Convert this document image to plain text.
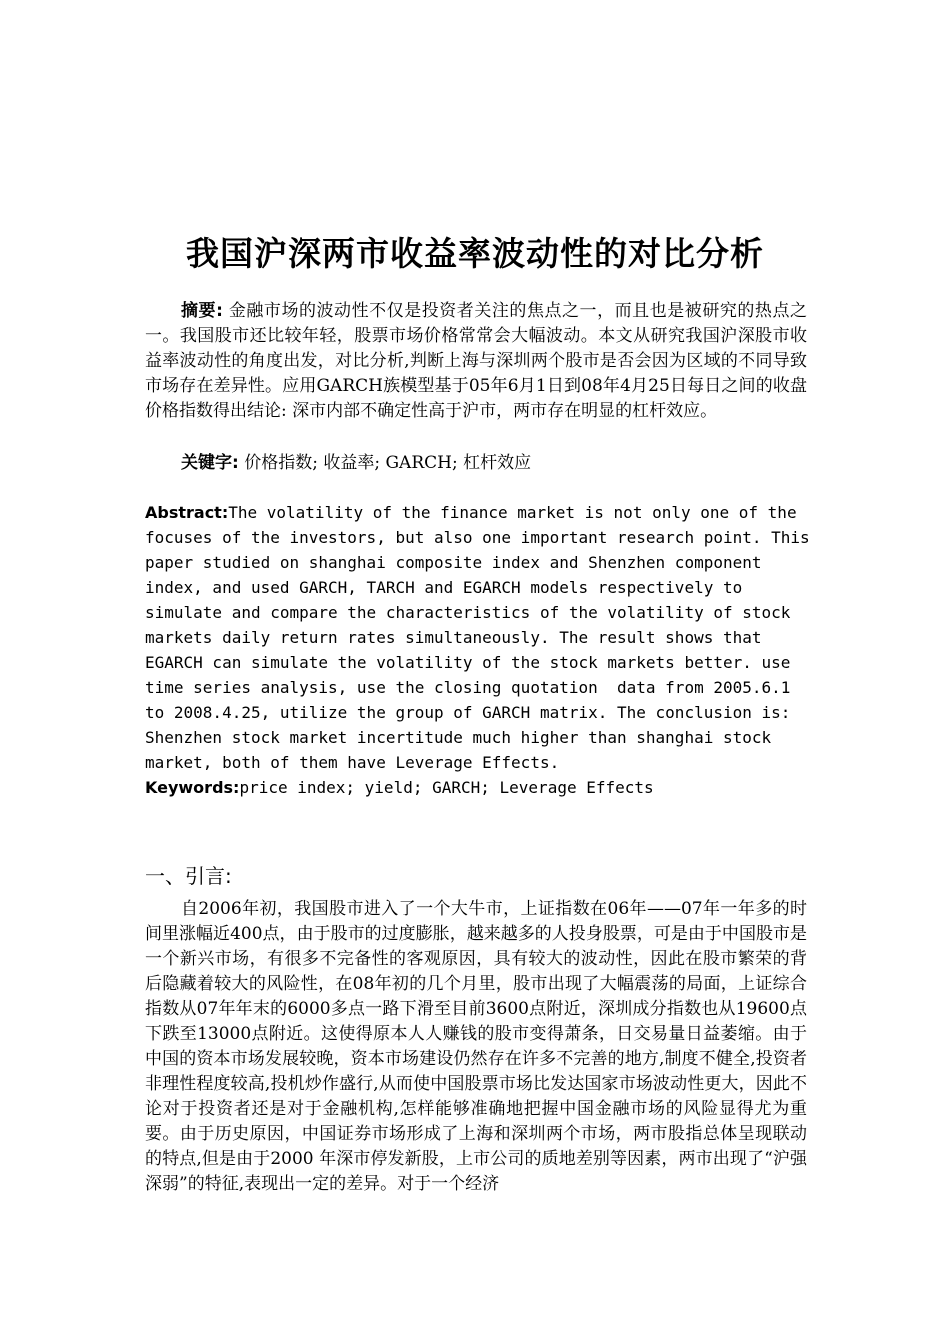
我国沪深两市收益率波动性的对比分析
摘要: 金融市场的波动性不仅是投资者关注的焦点之一，而且也是被研究的热点之一。我国股市还比较年轻，股票市场价格常常会大幅波动。本文从研究我国沪深股市收益率波动性的角度出发，对比分析,判断上海与深圳两个股市是否会因为区域的不同导致市场存在差异性。应用GARCH族模型基于05年6月1日到08年4月25日每日之间的收盘价格指数得出结论: 深市内部不确定性高于沪市，两市存在明显的杠杆效应。
关键字: 价格指数; 收益率; GARCH; 杠杆效应
Abstract:The volatility of the finance market is not only one of the
focuses of the investors, but also one important research point. This
paper studied on shanghai composite index and Shenzhen component
index, and used GARCH, TARCH and EGARCH models respectively to
simulate and compare the characteristics of the volatility of stock
markets daily return rates simultaneously. The result shows that
EGARCH can simulate the volatility of the stock markets better. use
time series analysis, use the closing quotation  data from 2005.6.1
to 2008.4.25, utilize the group of GARCH matrix. The conclusion is:
Shenzhen stock market incertitude much higher than shanghai stock
market, both of them have Leverage Effects.
Keywords:price index; yield; GARCH; Leverage Effects
一、引言:
自2006年初，我国股市进入了一个大牛市，上证指数在06年——07年一年多的时间里涨幅近400点，由于股市的过度膨胀，越来越多的人投身股票，可是由于中国股市是一个新兴市场，有很多不完备性的客观原因，具有较大的波动性，因此在股市繁荣的背后隐藏着较大的风险性，在08年初的几个月里，股市出现了大幅震荡的局面，上证综合指数从07年年末的6000多点一路下滑至目前3600点附近，深圳成分指数也从19600点下跌至13000点附近。这使得原本人人赚钱的股市变得萧条，日交易量日益萎缩。由于中国的资本市场发展较晚，资本市场建设仍然存在许多不完善的地方,制度不健全,投资者非理性程度较高,投机炒作盛行,从而使中国股票市场比发达国家市场波动性更大，因此不论对于投资者还是对于金融机构,怎样能够准确地把握中国金融市场的风险显得尤为重要。由于历史原因，中国证券市场形成了上海和深圳两个市场，两市股指总体呈现联动的特点,但是由于2000 年深市停发新股，上市公司的质地差别等因素，两市出现了“沪强深弱”的特征,表现出一定的差异。对于一个经济
